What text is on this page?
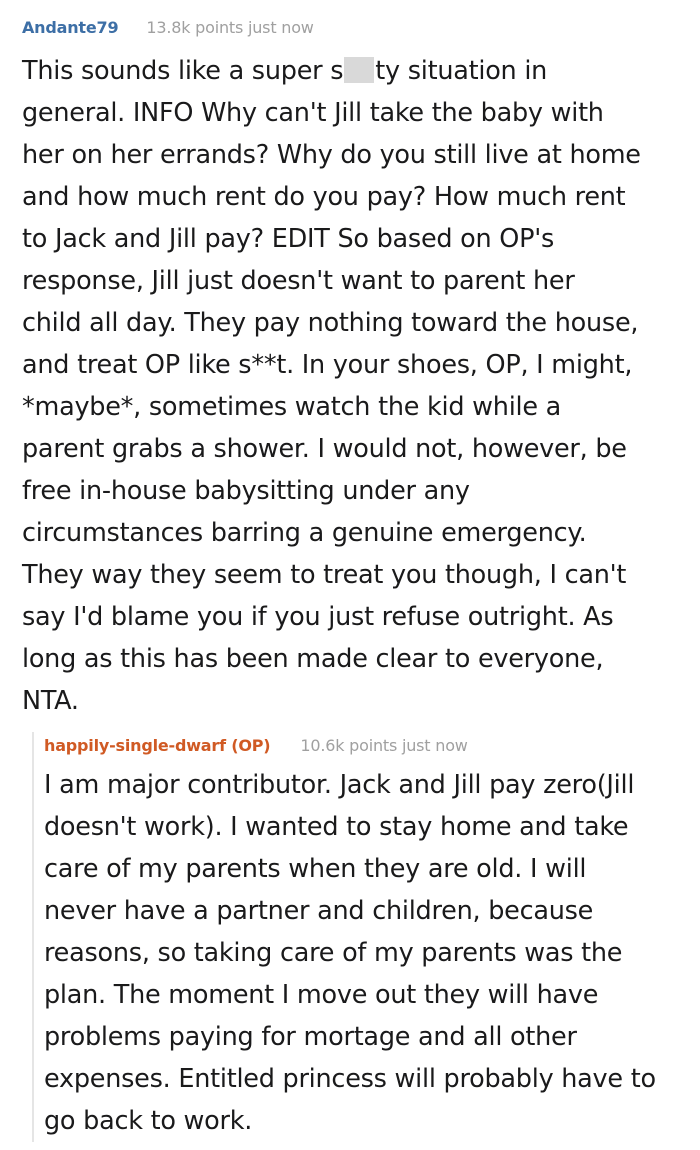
Andante79 13.8k points just now
This sounds like a super s ty situation in
general. INFO Why can't Jill take the baby with
her on her errands? Why do you still live at home
and how much rent do you pay? How much rent
to Jack and Jill pay? EDIT So based on OP's
response, Jill just doesn't want to parent her
child all day. They pay nothing toward the house,
and treat OP like s**t. In your shoes, OP, I might,
*maybe*, sometimes watch the kid while a
parent grabs a shower. I would not, however, be
free in-house babysitting under any
circumstances barring a genuine emergency.
They way they seem to treat you though, I can't
say I'd blame you if you just refuse outright. As
long as this has been made clear to everyone,
NTA.
happily-single-dwarf (OP) 10.6k points just now
I am major contributor. Jack and Jill pay zero(Jill
doesn't work). I wanted to stay home and take
care of my parents when they are old. I will
never have a partner and children, because
reasons, so taking care of my parents was the
plan. The moment I move out they will have
problems paying for mortage and all other
expenses. Entitled princess will probably have to
go back to work.
